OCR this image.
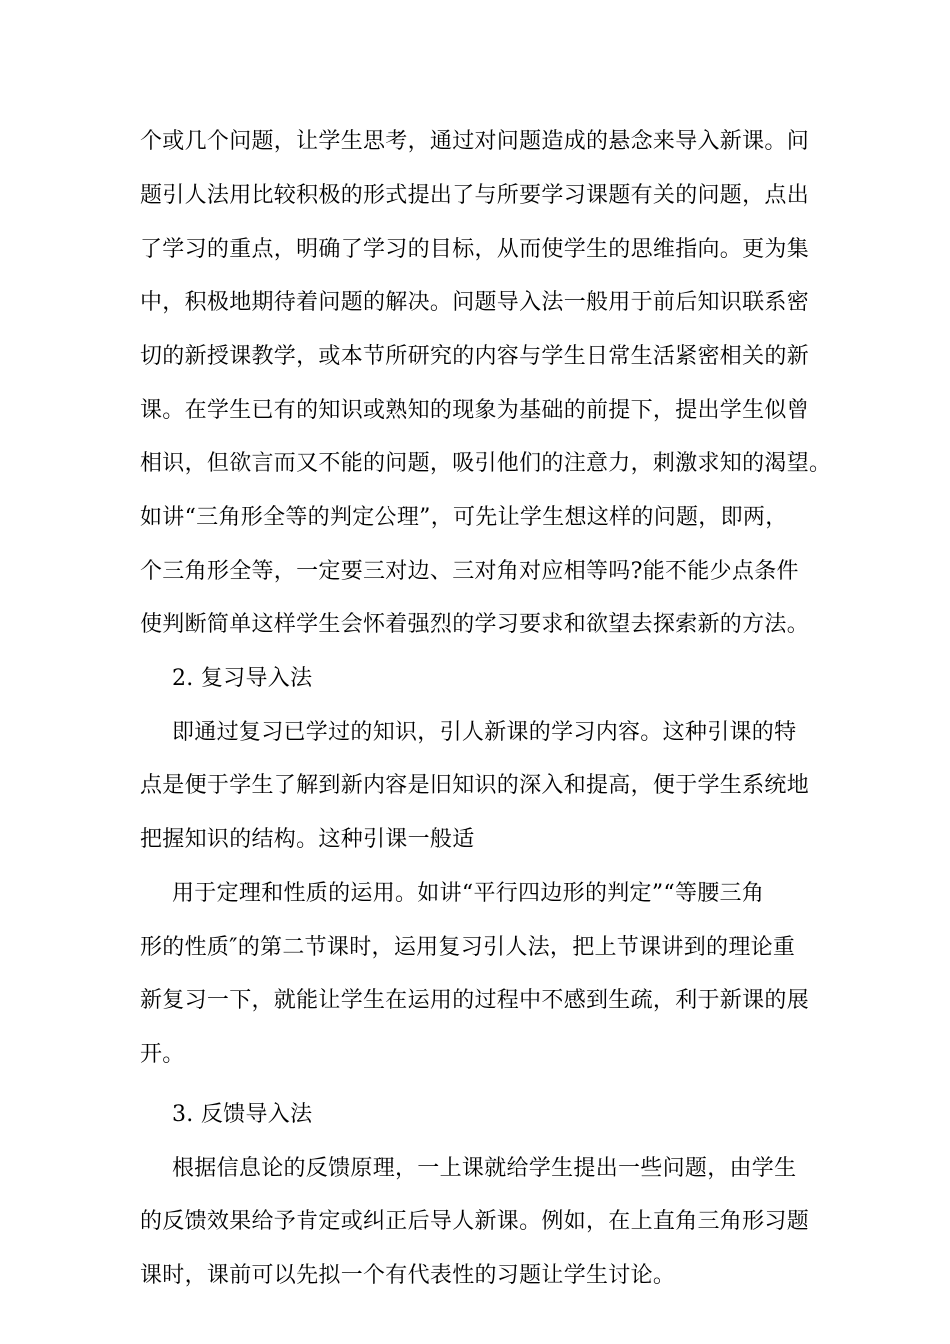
个或几个问题，让学生思考，通过对问题造成的悬念来导入新课。问
题引人法用比较积极的形式提出了与所要学习课题有关的问题，点出
了学习的重点，明确了学习的目标，从而使学生的思维指向。更为集
中，积极地期待着问题的解决。问题导入法一般用于前后知识联系密
切的新授课教学，或本节所研究的内容与学生日常生活紧密相关的新
课。在学生已有的知识或熟知的现象为基础的前提下，提出学生似曾
相识，但欲言而又不能的问题，吸引他们的注意力，刺激求知的渴望。
如讲“三角形全等的判定公理”，可先让学生想这样的问题，即两，
个三角形全等，一定要三对边、三对角对应相等吗?能不能少点条件
使判断简单这样学生会怀着强烈的学习要求和欲望去探索新的方法。
2. 复习导入法
即通过复习已学过的知识，引人新课的学习内容。这种引课的特
点是便于学生了解到新内容是旧知识的深入和提高，便于学生系统地
把握知识的结构。这种引课一般适
用于定理和性质的运用。如讲“平行四边形的判定”“等腰三角
形的性质″的第二节课时，运用复习引人法，把上节课讲到的理论重
新复习一下，就能让学生在运用的过程中不感到生疏，利于新课的展
开。
3. 反馈导入法
根据信息论的反馈原理，一上课就给学生提出一些问题，由学生
的反馈效果给予肯定或纠正后导人新课。例如，在上直角三角形习题
课时，课前可以先拟一个有代表性的习题让学生讨论。
